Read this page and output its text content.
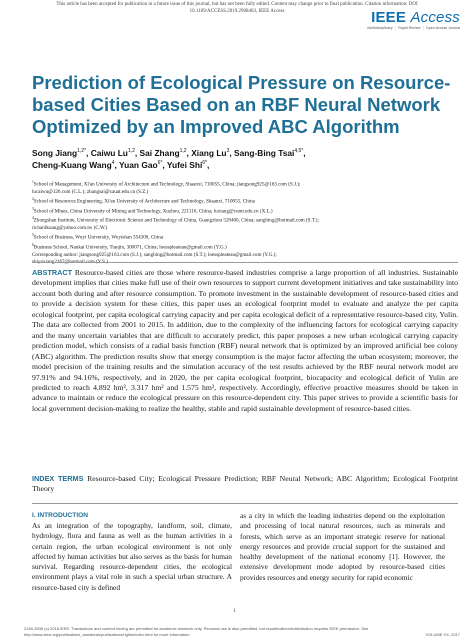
This article has been accepted for publication in a future issue of this journal, but has not been fully edited. Content may change prior to final publication. Citation information: DOI
10.1109/ACCESS.2019.2908463, IEEE Access	IEEE Access
Multidisciplinary ⋮ Rapid Review ⋮ Open Access Journal
Prediction of Ecological Pressure on Resource-based Cities Based on an RBF Neural Network Optimized by an Improved ABC Algorithm
Song Jiang$^{1,2*}$, Caiwu Lu$^{1,2}$, Sai Zhang$^{1,2}$, Xiang Lu$^3$, Sang-Bing Tsai$^{4,5*}$,
Cheng-Kuang Wang$^4$, Yuan Gao$^{6*}$, Yufei Shi$^{6*}$,
$^1$School of Management, Xi'an University of Architecture and Technology, Shaanxi, 710055, China; jiangsong925@163.com (S.J.);
lucaiwu@126.com (C.L.); zhangsai@xauat.edu.cn (S.Z.)
$^2$School of Resources Engineering, Xi'an University of Architecture and Technology, Shaanxi, 710055, China
$^3$School of Mines, China University of Mining and Technology, Xuzhou, 221116, China; luxiang@cumt.edu.cn (X.L.)
$^4$Zhongshan Institute, University of Electronic Science and Technology of China, Guangzhou 528400, China; sangbing@hotmail.com (S.T.);
richardkuang@yahoo.com.tw (C.W.)
$^5$School of Business, Wuyi University, Wuyishan 354300, China
$^6$Business School, Nankai University, Tianjin, 300071, China; loesspleateau@gmail.com (Y.G.)
Corresponding author: jiangsong925@163.com (S.J.); sangbing@hotmail.com (S.T.); loesspleateau@gmail.com (Y.G.);
shiyuxiang2167@hotmail.com (Y.S.)
ABSTRACT Resource-based cities are those where resource-based industries comprise a large proportion of all industries. Sustainable development implies that cities make full use of their own resources to support current development initiatives and take sustainability into account both during and after resource consumption. To promote investment in the sustainable development of resource-based cities and to provide a decision system for these cities, this paper uses an ecological footprint model to evaluate and analyze the per capita ecological footprint, per capita ecological carrying capacity and per capita ecological deficit of a representative resource-based city, Yulin. The data are collected from 2001 to 2015. In addition, due to the complexity of the influencing factors for ecological carrying capacity and the many uncertain variables that are difficult to accurately predict, this paper proposes a new urban ecological carrying capacity prediction model, which consists of a radial basis function (RBF) neural network that is optimized by an improved artificial bee colony (ABC) algorithm. The prediction results show that energy consumption is the major factor affecting the urban ecosystem; moreover, the model precision of the training results and the simulation accuracy of the test results achieved by the RBF neural network model are 97.91% and 94.16%, respectively, and in 2020, the per capita ecological footprint, biocapacity and ecological deficit of Yulin are predicted to reach 4.892 hm², 3.317 hm² and 1.575 hm², respectively. Accordingly, effective proactive measures should be taken in advance to maintain or reduce the ecological pressure on this resource-dependent city. This paper strives to provide a scientific basis for local government decision-making to realize the healthy, stable and rapid sustainable development of resource-based cities.
INDEX TERMS Resource-based City; Ecological Pressure Prediction; RBF Neural Network; ABC Algorithm; Ecological Footprint Theory
I. INTRODUCTION
As an integration of the topography, landform, soil, climate, hydrology, flora and fauna as well as the human activities in a certain region, the urban ecological environment is not only affected by human activities but also serves as the basis for human survival. Regarding resource-dependent cities, the ecological environment plays a vital role in such a special urban structure. A resource-based city is defined
as a city in which the leading industries depend on the exploitation and processing of local natural resources, such as minerals and forests, which serve as an important strategic reserve for national energy resources and provide crucial support for the sustained and healthy development of the national economy [1]. However, the extensive development mode adopted by resource-based cities provides resources and energy security for rapid economic
1
2169-3536 (c) 2018 IEEE. Translations and content mining are permitted for academic research only. Personal use is also permitted, but republication/redistribution requires IEEE permission. See
http://www.ieee.org/publications_standards/publications/rights/index.html for more information.	VOLUME XX, 2017
